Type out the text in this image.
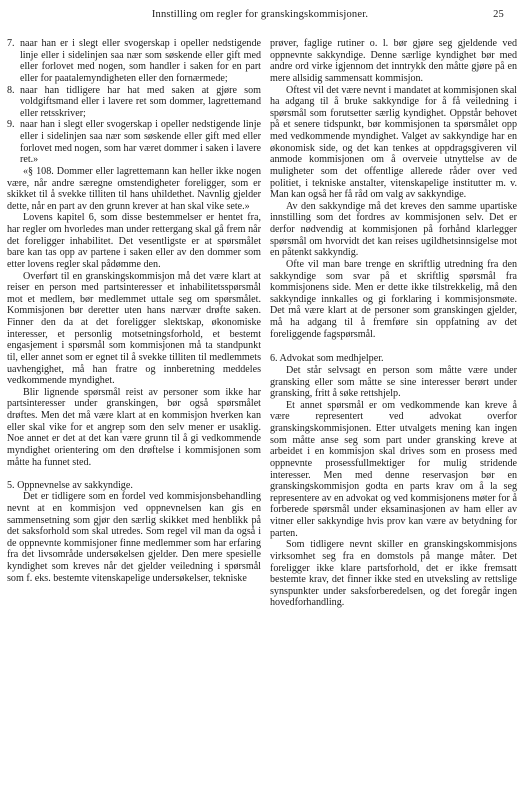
Innstilling om regler for granskingskommisjoner.	25
7. naar han er i slegt eller svogerskap i opeller nedstigende linje eller i sidelinjen saa nær som søskende eller gift med eller forlovet med nogen, som handler i saken for en part eller for paatalemyndigheten eller den fornærmede;
8. naar han tidligere har hat med saken at gjøre som voldgiftsmand eller i lavere ret som dommer, lagrettemand eller retsskriver;
9. naar han i slegt eller svogerskap i opeller nedstigende linje eller i sidelinjen saa nær som søskende eller gift med eller forlovet med nogen, som har været dommer i saken i lavere ret.»

«§ 108. Dommer eller lagrettemann kan heller ikke nogen være, når andre særegne omstendigheter foreligger, som er skikket til å svekke tilliten til hans uhildethet. Navnlig gjelder dette, når en part av den grunn krever at han skal vike sete.»

Lovens kapitel 6, som disse bestemmelser er hentet fra, har regler om hvorledes man under rettergang skal gå frem når det foreligger inhabilitet. Det vesentligste er at spørsmålet bare kan tas opp av partene i saken eller av den dommer som etter lovens regler skal pådømme den.

Overført til en granskingskommisjon må det være klart at reiser en person med partsinteresser et inhabilitetsspørsmål mot et medlem, bør medlemmet uttale seg om spørsmålet. Kommisjonen bør deretter uten hans nærvær drøfte saken. Finner den da at det foreligger slektskap, økonomiske interesser, et personlig motsetningsforhold, et bestemt engasjement i spørsmål som kommisjonen må ta standpunkt til, eller annet som er egnet til å svekke tilliten til medlemmets uavhengighet, må han fratre og innberetning meddeles vedkommende myndighet.

Blir lignende spørsmål reist av personer som ikke har partsinteresser under granskingen, bør også spørsmålet drøftes. Men det må være klart at en kommisjon hverken kan eller skal vike for et angrep som den selv mener er usaklig. Noe annet er det at det kan være grunn til å gi vedkommende myndighet orientering om den drøftelse i kommisjonen som måtte ha funnet sted.

5. Oppnevnelse av sakkyndige.

Det er tidligere som en fordel ved kommisjonsbehandling nevnt at en kommisjon ved oppnevnelsen kan gis en sammensetning som gjør den særlig skikket med henblikk på det saksforhold som skal utredes. Som regel vil man da også i de oppnevnte kommisjoner finne medlemmer som har erfaring fra det livsområde undersøkelsen gjelder. Den mere spesielle kyndighet som kreves når det gjelder veiledning i spørsmål som f. eks. bestemte vitenskapelige undersøkelser, tekniske

prøver, faglige rutiner o. l. bør gjøre seg gjeldende ved oppnevnte sakkyndige. Denne særlige kyndighet bør med andre ord virke igjennom det inntrykk den måtte gjøre på en mere allsidig sammensatt kommisjon.

Oftest vil det være nevnt i mandatet at kommisjonen skal ha adgang til å bruke sakkyndige for å få veiledning i spørsmål som forutsetter særlig kyndighet. Oppstår behovet på et senere tidspunkt, bør kommisjonen ta spørsmålet opp med vedkommende myndighet. Valget av sakkyndige har en økonomisk side, og det kan tenkes at oppdragsgiveren vil anmode kommisjonen om å overveie utnyttelse av de muligheter som det offentlige allerede råder over ved politiet, i tekniske anstalter, vitenskapelige institutter m. v. Man kan også her få råd om valg av sakkyndige.

Av den sakkyndige må det kreves den samme upartiske innstilling som det fordres av kommisjonen selv. Det er derfor nødvendig at kommisjonen på forhånd klarlegger spørsmål om hvorvidt det kan reises ugildhetsinnsigelse mot en påtenkt sakkyndig.

Ofte vil man bare trenge en skriftlig utredning fra den sakkyndige som svar på et skriftlig spørsmål fra kommisjonens side. Men er dette ikke tilstrekkelig, må den sakkyndige innkalles og gi forklaring i kommisjonsmøte. Det må være klart at de personer som granskingen gjelder, må ha adgang til å fremføre sin oppfatning av det foreliggende fagspørsmål.

6. Advokat som medhjelper.

Det står selvsagt en person som måtte være under gransking eller som måtte se sine interesser berørt under gransking, fritt å søke rettshjelp.

Et annet spørsmål er om vedkommende kan kreve å være representert ved advokat overfor granskingskommisjonen. Etter utvalgets mening kan ingen som måtte anse seg som part under gransking kreve at arbeidet i en kommisjon skal drives som en prosess med oppnevnte prosessfullmektiger for mulig stridende interesser. Men med denne reservasjon bør en granskingskommisjon godta en parts krav om å la seg representere av en advokat og ved kommisjonens møter for å forberede spørsmål under eksaminasjonen av ham eller av vitner eller sakkyndige hvis prov kan være av betydning for parten.

Som tidligere nevnt skiller en granskingskommisjons virksomhet seg fra en domstols på mange måter. Det foreligger ikke klare partsforhold, det er ikke fremsatt bestemte krav, det finner ikke sted en utveksling av rettslige synspunkter under saksforberedelsen, og det foregår ingen hovedforhandling.
